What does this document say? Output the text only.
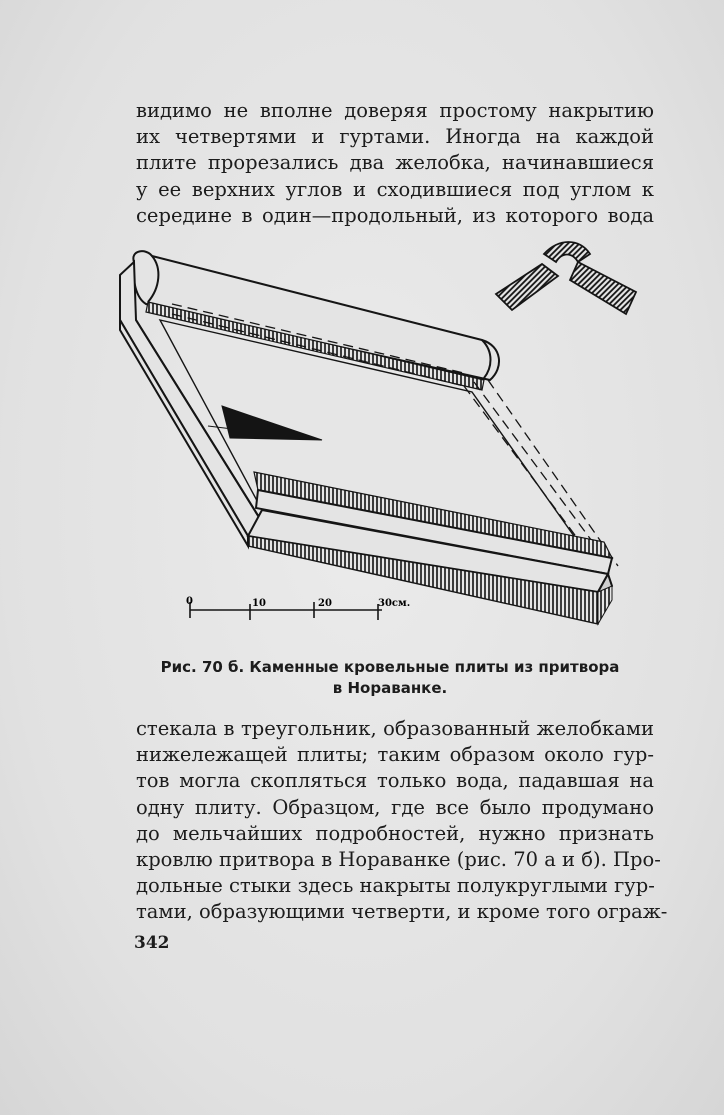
видимо не вполне доверяя простому накрытию
их четвертями и гуртами. Иногда на каждой
плите прорезались два желобка, начинавшиеся
у ее верхних углов и сходившиеся под углом к
середине в один—продольный, из которого вода

0	10	20	30см.
Рис. 70 б. Каменные кровельные плиты из притвора
в Нораванке.

стекала в треугольник, образованный желобками
нижележащей плиты; таким образом около гур-
тов могла скопляться только вода, падавшая на
одну плиту. Образцом, где все было продумано
до мельчайших подробностей, нужно признать
кровлю притвора в Нораванке (рис. 70 а и б). Про-
дольные стыки здесь накрыты полукруглыми гур-
тами, образующими четверти, и кроме того ограж-

342
